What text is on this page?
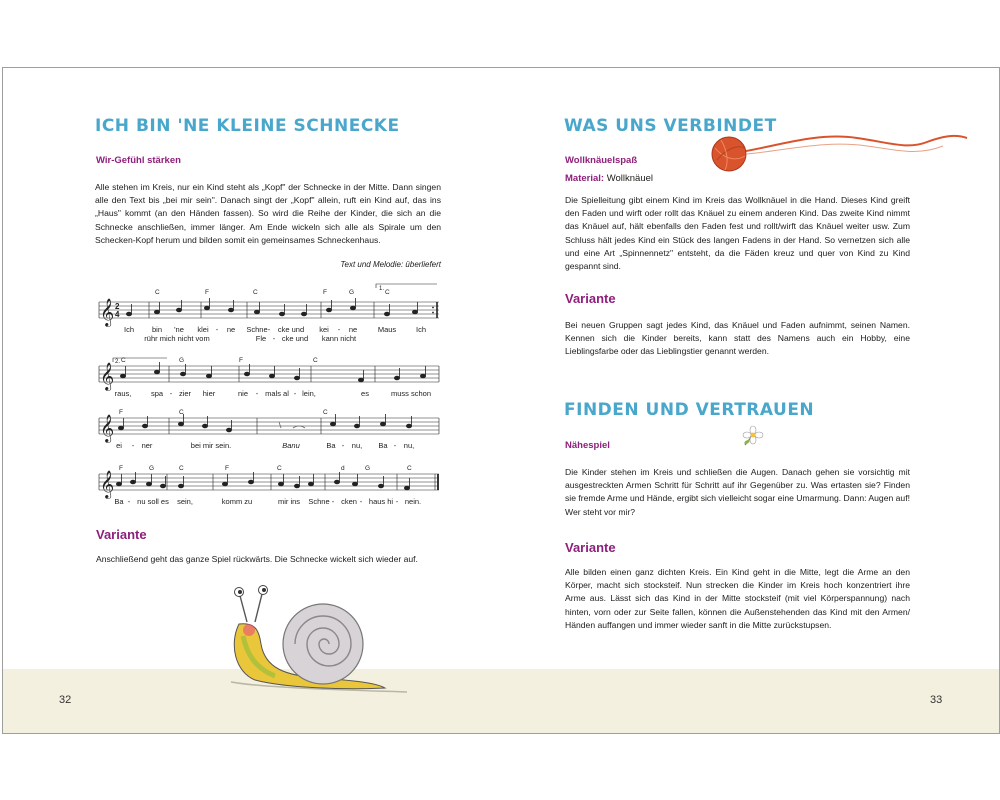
ICH BIN 'NE KLEINE SCHNECKE

Wir-Gefühl stärken

Alle stehen im Kreis, nur ein Kind steht als „Kopf" der Schnecke in der Mitte. Dann singen alle den Text bis „bei mir sein". Danach singt der „Kopf" allein, ruft ein Kind auf, das ins „Haus" kommt (an den Händen fassen). So wird die Reihe der Kinder, die sich an die Schnecke anschließen, immer länger. Am Ende wickeln sich alle als Spirale um den Schecken-Kopf herum und bilden somit ein gemeinsames Schneckenhaus.

Text und Melodie: überliefert
𝄞 2
4
1.
C	F	C	F	G	C
Ich bin 'ne klei - ne Schne - cke und kei - ne	Maus	Ich
rühr mich nicht vom	Fle - cke und kann nicht
𝄞
2. C	G	F	C
raus,	spa - zier hier	nie - mals al - lein,	es	muss schon
𝄞
F	C	C
ei - ner	bei mir sein.	Banu	Ba - nu, Ba - nu,
𝄞
F	G	C	F	C	d	G	C
Ba - nu soll es sein,	komm zu	mir ins Schne - cken - haus hi - nein.
Variante

Anschließend geht das ganze Spiel rückwärts. Die Schnecke wickelt sich wieder auf.

32
WAS UNS VERBINDET

Wollknäuelspaß

Material: Wollknäuel

Die Spielleitung gibt einem Kind im Kreis das Wollknäuel in die Hand. Dieses Kind greift den Faden und wirft oder rollt das Knäuel zu einem anderen Kind. Das zweite Kind nimmt das Knäuel auf, hält ebenfalls den Faden fest und rollt/wirft das Knäuel weiter usw. Zum Schluss hält jedes Kind ein Stück des langen Fadens in der Hand. So vernetzen sich alle und eine Art „Spinnennetz" entsteht, da die Fäden kreuz und quer von Kind zu Kind gespannt sind.

Variante

Bei neuen Gruppen sagt jedes Kind, das Knäuel und Faden aufnimmt, seinen Namen. Kennen sich die Kinder bereits, kann statt des Namens auch ein Hobby, eine Lieblingsfarbe oder das Lieblingstier genannt werden.

FINDEN UND VERTRAUEN

Nähespiel

Die Kinder stehen im Kreis und schließen die Augen. Danach gehen sie vorsichtig mit ausgestreckten Armen Schritt für Schritt auf ihr Gegenüber zu. Was ertasten sie? Finden sie fremde Arme und Hände, ergibt sich vielleicht sogar eine Umarmung. Dann: Augen auf! Wer steht vor mir?

Variante

Alle bilden einen ganz dichten Kreis. Ein Kind geht in die Mitte, legt die Arme an den Körper, macht sich stocksteif. Nun strecken die Kinder im Kreis hoch konzentriert ihre Arme aus. Lässt sich das Kind in der Mitte stocksteif (mit viel Körperspannung) nach hinten, vorn oder zur Seite fallen, können die Außenstehenden das Kind mit den Armen/ Händen auffangen und immer wieder sanft in die Mitte zurückstupsen.

33
